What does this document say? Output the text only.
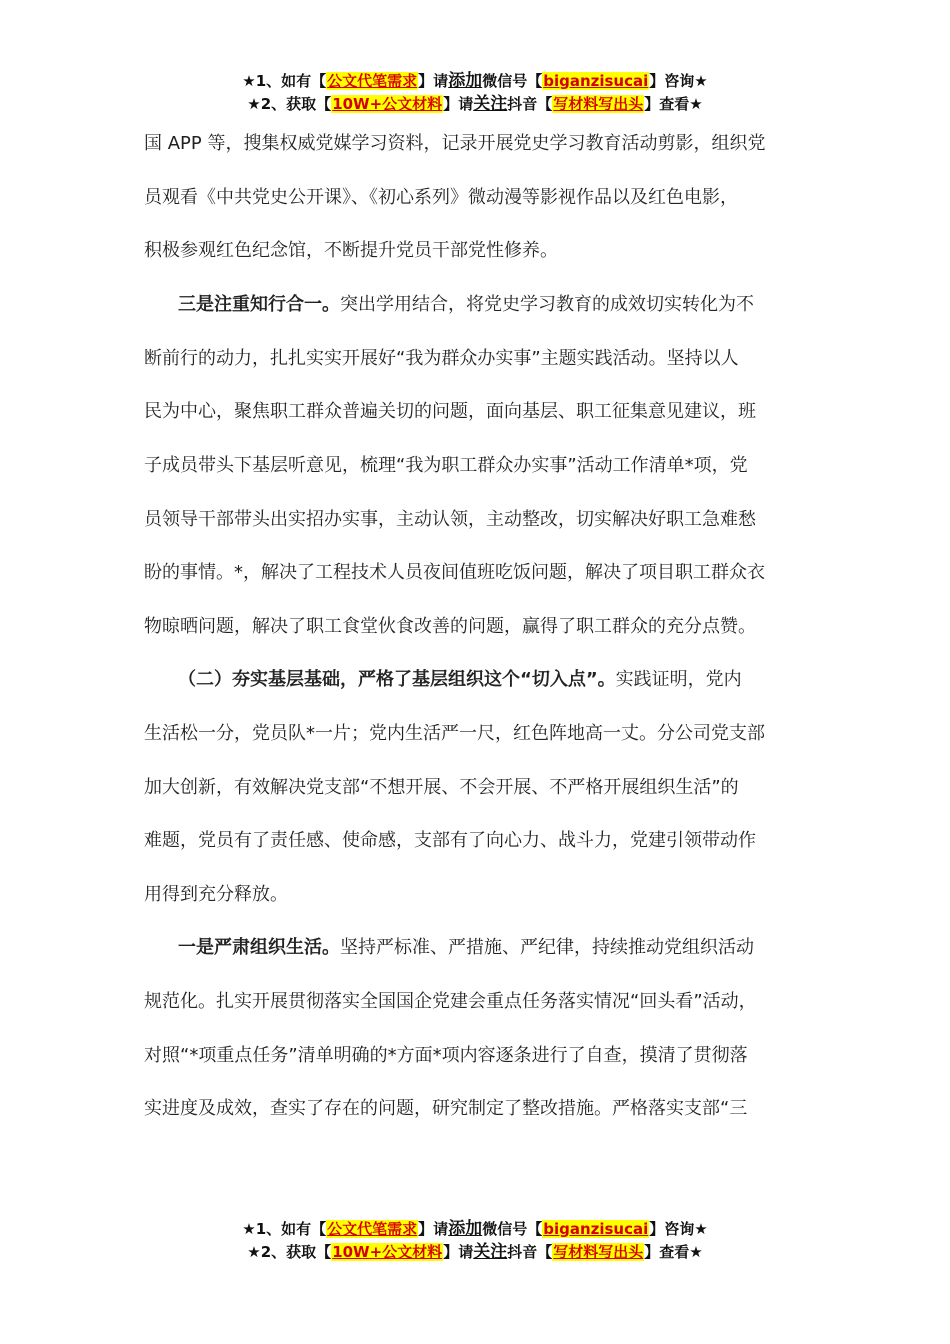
★1、如有【公文代笔需求】请添加微信号【biganzisucai】咨询★
★2、获取【10W+公文材料】请关注抖音【写材料写出头】查看★
国 APP 等，搜集权威党媒学习资料，记录开展党史学习教育活动剪影，组织党
员观看《中共党史公开课》、《初心系列》微动漫等影视作品以及红色电影，
积极参观红色纪念馆，不断提升党员干部党性修养。
三是注重知行合一。突出学用结合，将党史学习教育的成效切实转化为不
断前行的动力，扎扎实实开展好“我为群众办实事”主题实践活动。坚持以人
民为中心，聚焦职工群众普遍关切的问题，面向基层、职工征集意见建议，班
子成员带头下基层听意见，梳理“我为职工群众办实事”活动工作清单*项，党
员领导干部带头出实招办实事，主动认领，主动整改，切实解决好职工急难愁
盼的事情。*，解决了工程技术人员夜间值班吃饭问题，解决了项目职工群众衣
物晾晒问题，解决了职工食堂伙食改善的问题，赢得了职工群众的充分点赞。
（二）夯实基层基础，严格了基层组织这个“切入点”。实践证明，党内
生活松一分，党员队*一片；党内生活严一尺，红色阵地高一丈。分公司党支部
加大创新，有效解决党支部“不想开展、不会开展、不严格开展组织生活”的
难题，党员有了责任感、使命感，支部有了向心力、战斗力，党建引领带动作
用得到充分释放。
一是严肃组织生活。坚持严标准、严措施、严纪律，持续推动党组织活动
规范化。扎实开展贯彻落实全国国企党建会重点任务落实情况“回头看”活动，
对照“*项重点任务”清单明确的*方面*项内容逐条进行了自查，摸清了贯彻落
实进度及成效，查实了存在的问题，研究制定了整改措施。严格落实支部“三
★1、如有【公文代笔需求】请添加微信号【biganzisucai】咨询★
★2、获取【10W+公文材料】请关注抖音【写材料写出头】查看★
